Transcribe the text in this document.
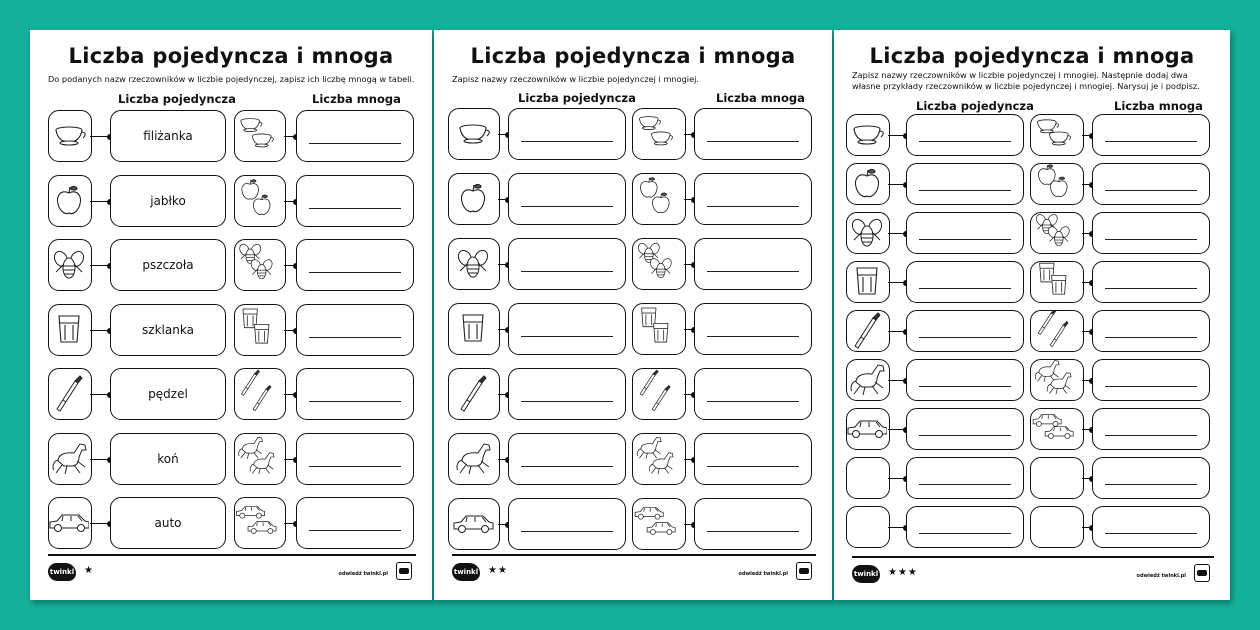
Liczba pojedyncza i mnoga
Do podanych nazw rzeczowników w liczbie pojedynczej, zapisz ich liczbę mnogą w tabeli.
Liczba pojedyncza	Liczba mnoga
filiżanka
jabłko
pszczoła
szklanka
pędzel
koń
auto
twinkl ★	odwiedź twinkl.pl
Liczba pojedyncza i mnoga
Zapisz nazwy rzeczowników w liczbie pojedynczej i mnogiej.
Liczba pojedyncza	Liczba mnoga
twinkl ★★	odwiedź twinkl.pl
Liczba pojedyncza i mnoga
Zapisz nazwy rzeczowników w liczbie pojedynczej i mnogiej. Następnie dodaj dwa własne przykłady rzeczowników w liczbie pojedynczej i mnogiej. Narysuj je i podpisz.
Liczba pojedyncza	Liczba mnoga
twinkl ★★★	odwiedź twinkl.pl
